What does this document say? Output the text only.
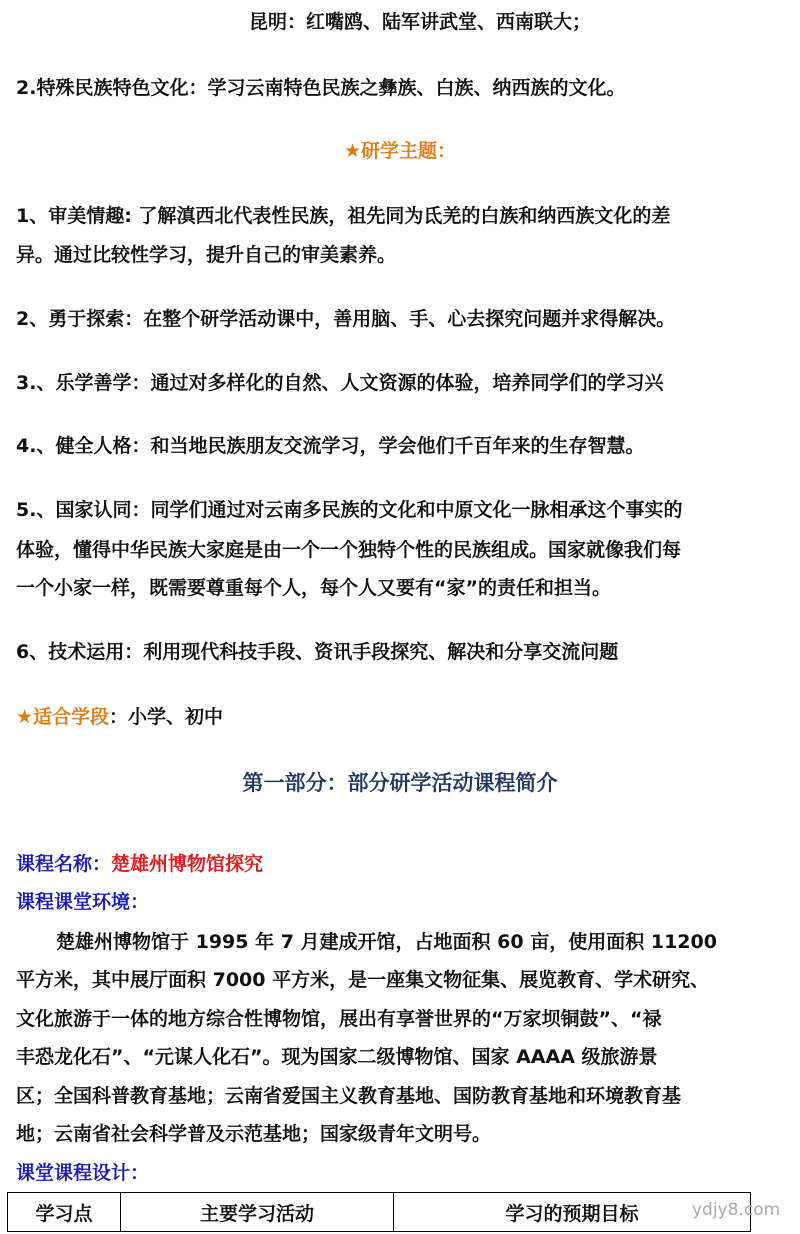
昆明：红嘴鸥、陆军讲武堂、西南联大；
2.特殊民族特色文化：学习云南特色民族之彝族、白族、纳西族的文化。
★研学主题：
1、审美情趣: 了解滇西北代表性民族，祖先同为氐羌的白族和纳西族文化的差
异。通过比较性学习，提升自己的审美素养。
2、勇于探索：在整个研学活动课中，善用脑、手、心去探究问题并求得解决。
3.、乐学善学：通过对多样化的自然、人文资源的体验，培养同学们的学习兴
4.、健全人格：和当地民族朋友交流学习，学会他们千百年来的生存智慧。
5.、国家认同：同学们通过对云南多民族的文化和中原文化一脉相承这个事实的
体验，懂得中华民族大家庭是由一个一个独特个性的民族组成。国家就像我们每
一个小家一样，既需要尊重每个人，每个人又要有“家”的责任和担当。
6、技术运用：利用现代科技手段、资讯手段探究、解决和分享交流问题
★适合学段：小学、初中
第一部分：部分研学活动课程简介
课程名称：楚雄州博物馆探究
课程课堂环境：
楚雄州博物馆于 1995 年 7 月建成开馆，占地面积 60 亩，使用面积 11200
平方米，其中展厅面积 7000 平方米，是一座集文物征集、展览教育、学术研究、
文化旅游于一体的地方综合性博物馆，展出有享誉世界的“万家坝铜鼓”、“禄
丰恐龙化石”、“元谋人化石”。现为国家二级博物馆、国家 AAAA 级旅游景
区；全国科普教育基地；云南省爱国主义教育基地、国防教育基地和环境教育基
地；云南省社会科学普及示范基地；国家级青年文明号。
课堂课程设计：
学习点	主要学习活动	学习的预期目标	ydjy8.com
